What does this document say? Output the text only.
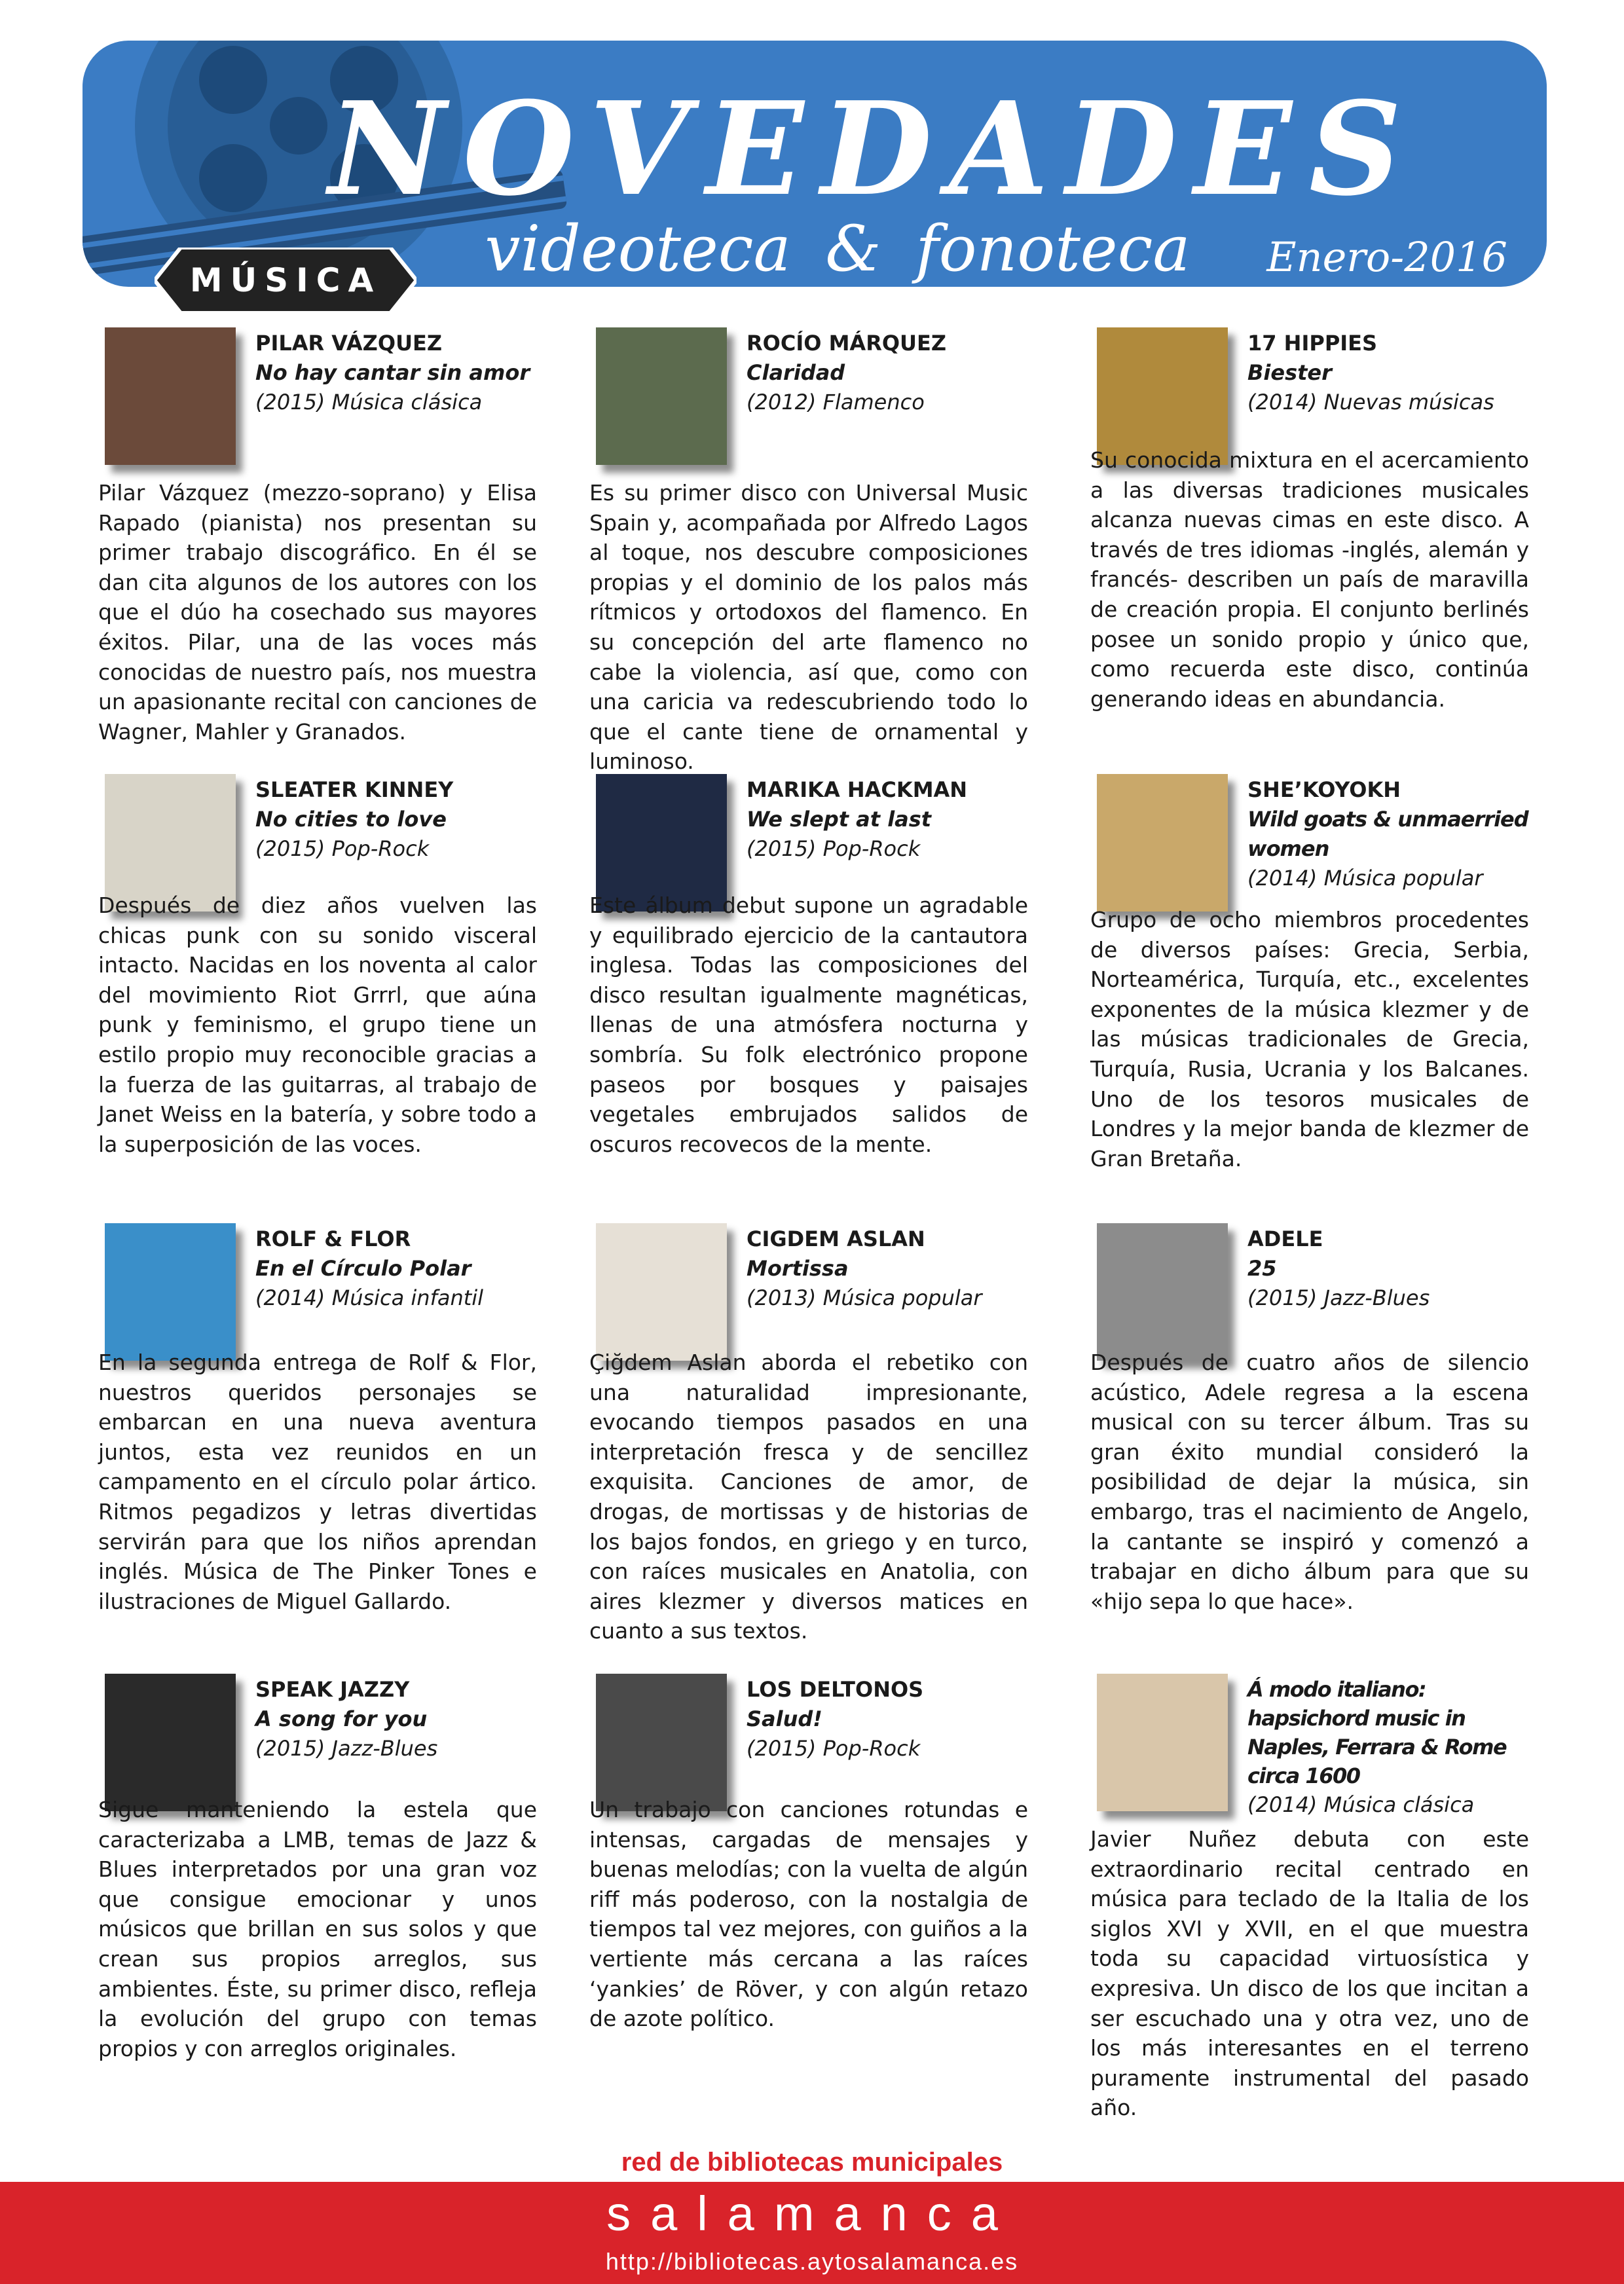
NOVEDADES
videoteca & fonoteca	Enero-2016
MÚSICA
PILAR VÁZQUEZ
No hay cantar sin amor
(2015) Música clásica

Pilar Vázquez (mezzo-soprano) y Elisa Rapado (pianista) nos presentan su primer trabajo discográfico. En él se dan cita algunos de los autores con los que el dúo ha cosechado sus mayores éxitos. Pilar, una de las voces más conocidas de nuestro país, nos muestra un apasionante recital con canciones de Wagner, Mahler y Granados.

ROCÍO MÁRQUEZ
Claridad
(2012) Flamenco

Es su primer disco con Universal Music Spain y, acompañada por Alfredo Lagos al toque, nos descubre composiciones propias y el dominio de los palos más rítmicos y ortodoxos del flamenco. En su concepción del arte flamenco no cabe la violencia, así que, como con una caricia va redescubriendo todo lo que el cante tiene de ornamental y luminoso.

17 HIPPIES
Biester
(2014) Nuevas músicas

Su conocida mixtura en el acercamiento a las diversas tradiciones musicales alcanza nuevas cimas en este disco. A través de tres idiomas -inglés, alemán y francés- describen un país de maravilla de creación propia. El conjunto berlinés posee un sonido propio y único que, como recuerda este disco, continúa generando ideas en abundancia.

SLEATER KINNEY
No cities to love
(2015) Pop-Rock

Después de diez años vuelven las chicas punk con su sonido visceral intacto. Nacidas en los noventa al calor del movimiento Riot Grrrl, que aúna punk y feminismo, el grupo tiene un estilo propio muy reconocible gracias a la fuerza de las guitarras, al trabajo de Janet Weiss en la batería, y sobre todo a la superposición de las voces.

MARIKA HACKMAN
We slept at last
(2015) Pop-Rock

Este álbum debut supone un agradable y equilibrado ejercicio de la cantautora inglesa. Todas las composiciones del disco resultan igualmente magnéticas, llenas de una atmósfera nocturna y sombría. Su folk electrónico propone paseos por bosques y paisajes vegetales embrujados salidos de oscuros recovecos de la mente.

SHE’KOYOKH
Wild goats & unmaerried women
(2014) Música popular

Grupo de ocho miembros procedentes de diversos países: Grecia, Serbia, Norteamérica, Turquía, etc., excelentes exponentes de la música klezmer y de las músicas tradicionales de Grecia, Turquía, Rusia, Ucrania y los Balcanes. Uno de los tesoros musicales de Londres y la mejor banda de klezmer de Gran Bretaña.

ROLF & FLOR
En el Círculo Polar
(2014) Música infantil

En la segunda entrega de Rolf & Flor, nuestros queridos personajes se embarcan en una nueva aventura juntos, esta vez reunidos en un campamento en el círculo polar ártico. Ritmos pegadizos y letras divertidas servirán para que los niños aprendan inglés. Música de The Pinker Tones e ilustraciones de Miguel Gallardo.

CIGDEM ASLAN
Mortissa
(2013) Música popular

Çiğdem Aslan aborda el rebetiko con una naturalidad impresionante, evocando tiempos pasados en una interpretación fresca y de sencillez exquisita. Canciones de amor, de drogas, de mortissas y de historias de los bajos fondos, en griego y en turco, con raíces musicales en Anatolia, con aires klezmer y diversos matices en cuanto a sus textos.

ADELE
25
(2015) Jazz-Blues

Después de cuatro años de silencio acústico, Adele regresa a la escena musical con su tercer álbum. Tras su gran éxito mundial consideró la posibilidad de dejar la música, sin embargo, tras el nacimiento de Angelo, la cantante se inspiró y comenzó a trabajar en dicho álbum para que su «hijo sepa lo que hace».

SPEAK JAZZY
A song for you
(2015) Jazz-Blues

Sigue manteniendo la estela que caracterizaba a LMB, temas de Jazz & Blues interpretados por una gran voz que consigue emocionar y unos músicos que brillan en sus solos y que crean sus propios arreglos, sus ambientes. Éste, su primer disco, refleja la evolución del grupo con temas propios y con arreglos originales.

LOS DELTONOS
Salud!
(2015) Pop-Rock

Un trabajo con canciones rotundas e intensas, cargadas de mensajes y buenas melodías; con la vuelta de algún riff más poderoso, con la nostalgia de tiempos tal vez mejores, con guiños a la vertiente más cercana a las raíces ‘yankies’ de Röver, y con algún retazo de azote político.

Á modo italiano: hapsichord music in Naples, Ferrara & Rome circa 1600
(2014) Música clásica

Javier Nuñez debuta con este extraordinario recital centrado en música para teclado de la Italia de los siglos XVI y XVII, en el que muestra toda su capacidad virtuosística y expresiva. Un disco de los que incitan a ser escuchado una y otra vez, uno de los más interesantes en el terreno puramente instrumental del pasado año.

red de bibliotecas municipales
salamanca
http://bibliotecas.aytosalamanca.es
